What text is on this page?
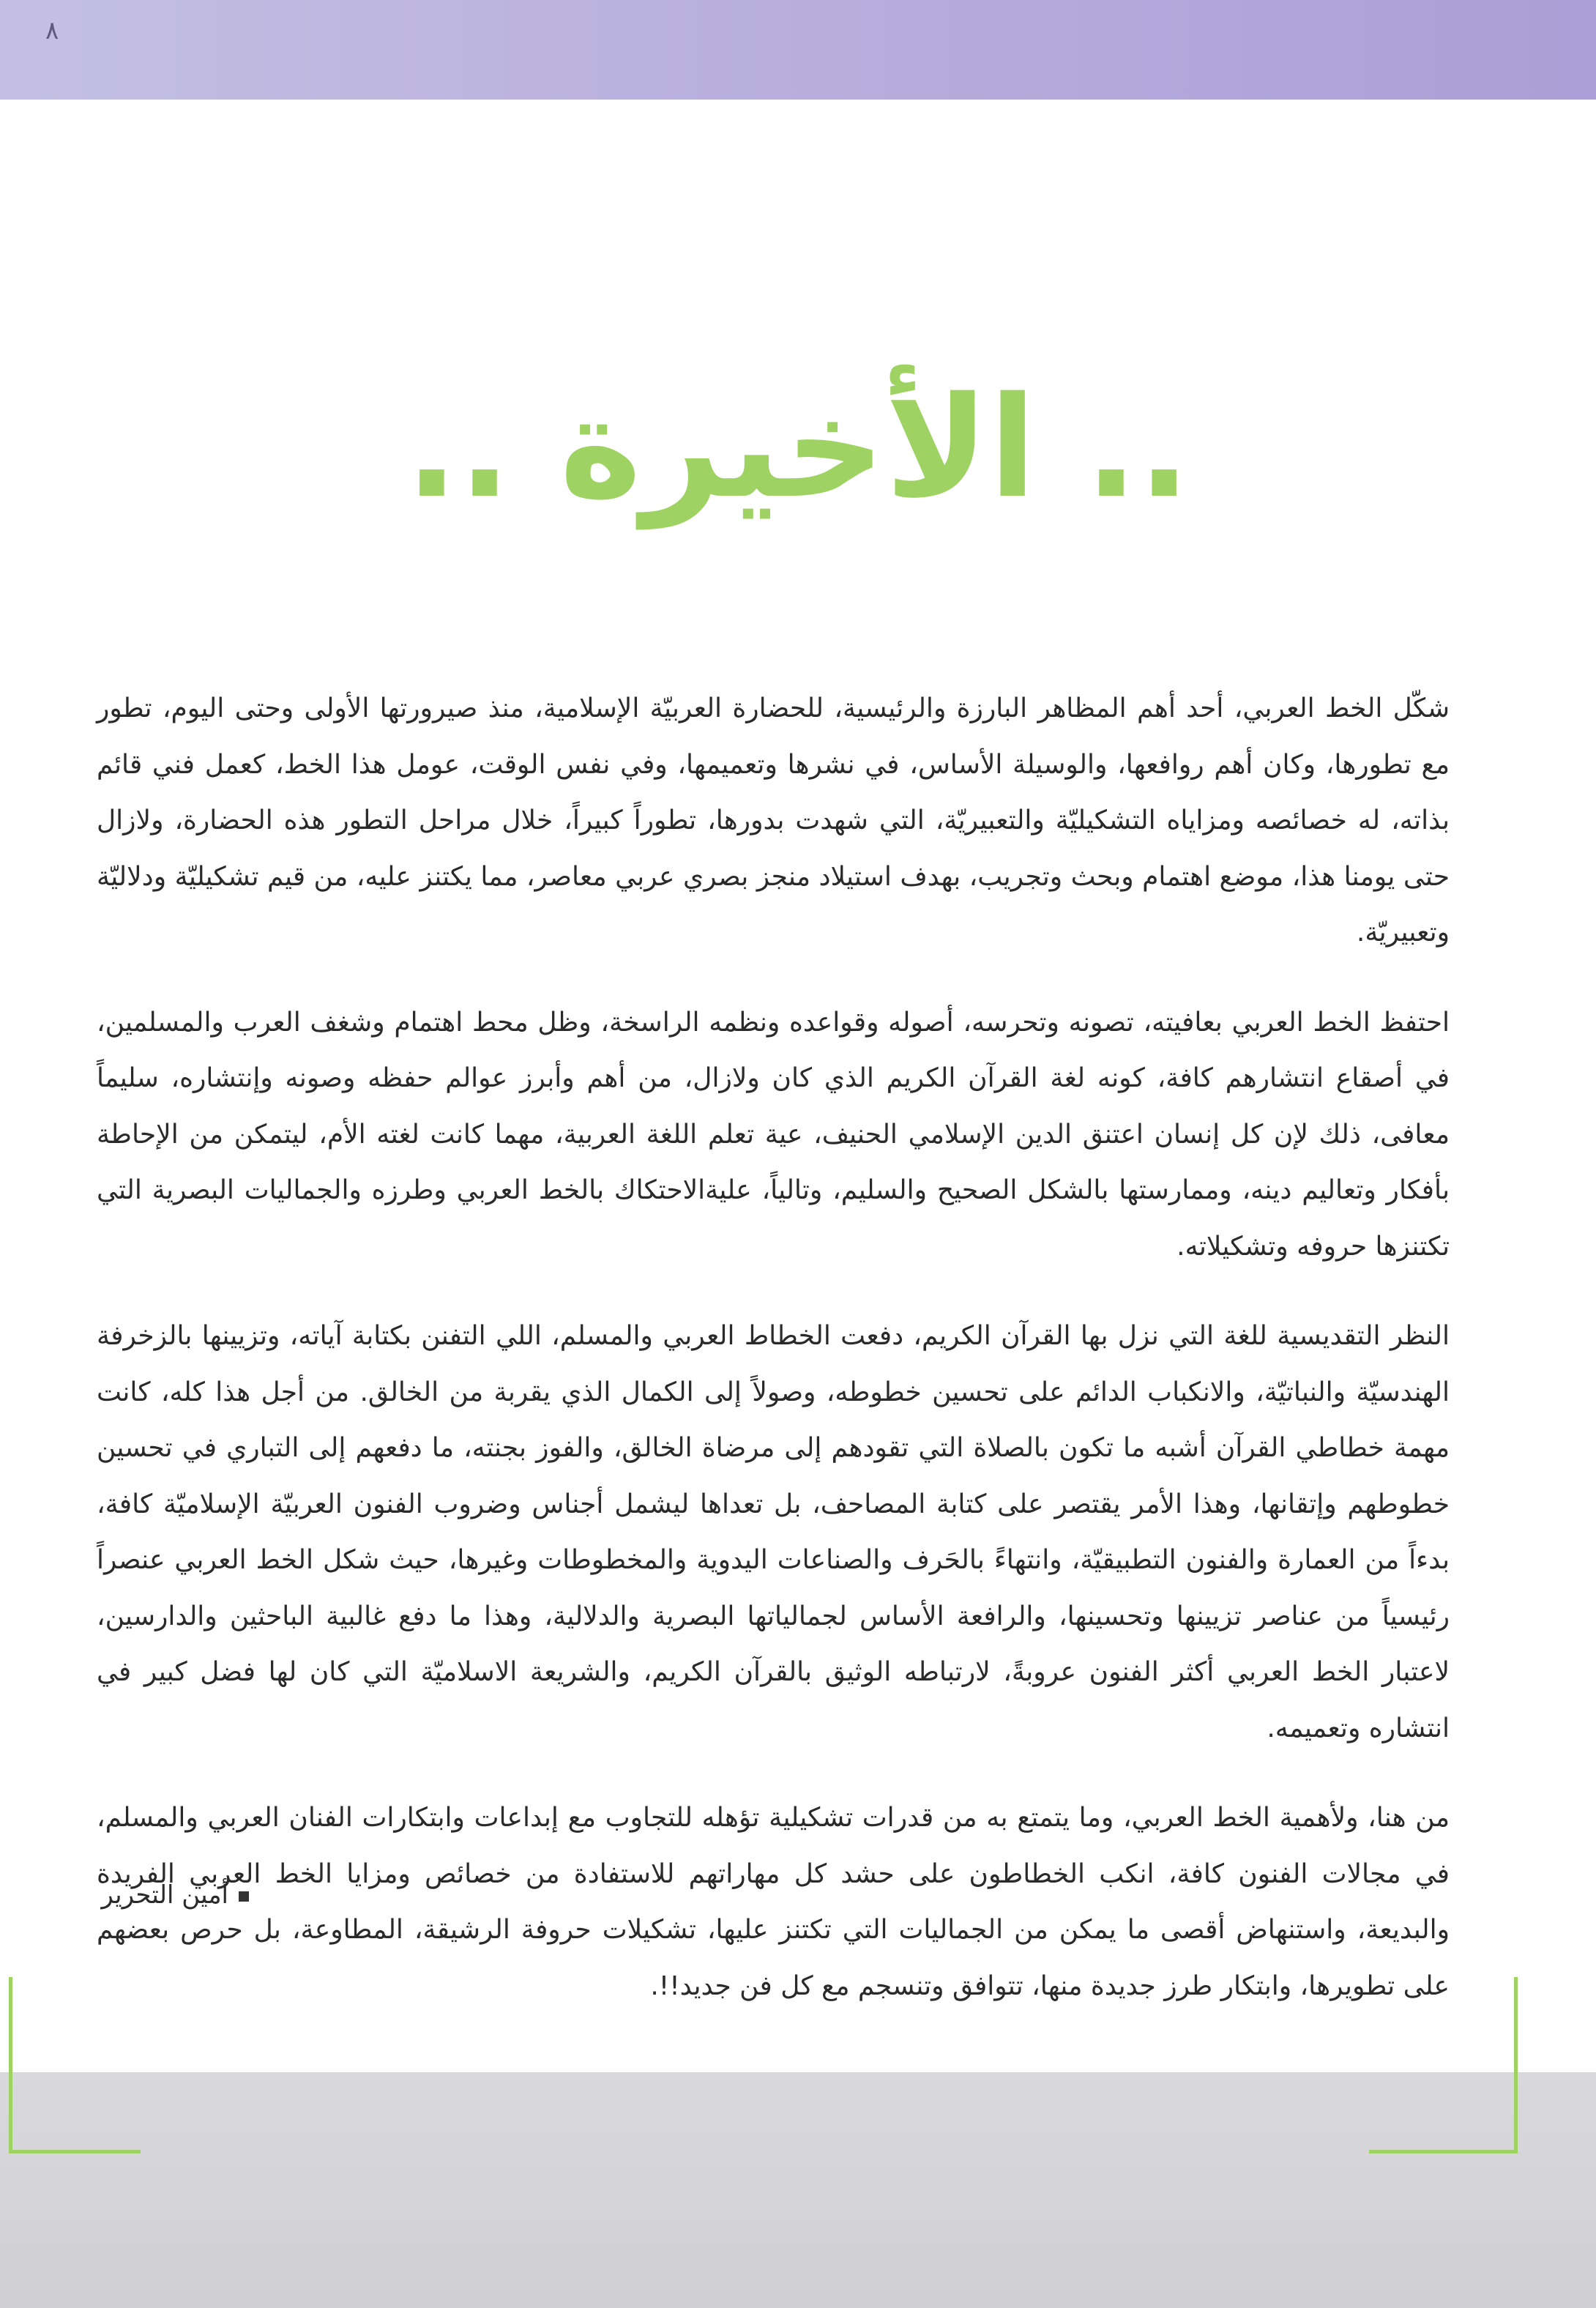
٨
.. الأخيرة ..

شكّل الخط العربي، أحد أهم المظاهر البارزة والرئيسية، للحضارة العربيّة الإسلامية، منذ صيرورتها الأولى وحتى اليوم، تطور مع تطورها، وكان أهم روافعها، والوسيلة الأساس، في نشرها وتعميمها، وفي نفس الوقت، عومل هذا الخط، كعمل فني قائم بذاته، له خصائصه ومزاياه التشكيليّة والتعبيريّة، التي شهدت بدورها، تطوراً كبيراً، خلال مراحل التطور هذه الحضارة، ولازال حتى يومنا هذا، موضع اهتمام وبحث وتجريب، بهدف استيلاد منجز بصري عربي معاصر، مما يكتنز عليه، من قيم تشكيليّة ودلاليّة وتعبيريّة.

احتفظ الخط العربي بعافيته، تصونه وتحرسه، أصوله وقواعده ونظمه الراسخة، وظل محط اهتمام وشغف العرب والمسلمين، في أصقاع انتشارهم كافة، كونه لغة القرآن الكريم الذي كان ولازال، من أهم وأبرز عوالم حفظه وصونه وإنتشاره، سليماً معافى، ذلك لإن كل إنسان اعتنق الدين الإسلامي الحنيف، عية تعلم اللغة العربية، مهما كانت لغته الأم، ليتمكن من الإحاطة بأفكار وتعاليم دينه، وممارستها بالشكل الصحيح والسليم، وتالياً، عليةالاحتكاك بالخط العربي وطرزه والجماليات البصرية التي تكتنزها حروفه وتشكيلاته.

النظر التقديسية للغة التي نزل بها القرآن الكريم، دفعت الخطاط العربي والمسلم، اللي التفنن بكتابة آياته، وتزيينها بالزخرفة الهندسيّة والنباتيّة، والانكباب الدائم على تحسين خطوطه، وصولاً إلى الكمال الذي يقربة من الخالق. من أجل هذا كله، كانت مهمة خطاطي القرآن أشبه ما تكون بالصلاة التي تقودهم إلى مرضاة الخالق، والفوز بجنته، ما دفعهم إلى التباري في تحسين خطوطهم وإتقانها، وهذا الأمر يقتصر على كتابة المصاحف، بل تعداها ليشمل أجناس وضروب الفنون العربيّة الإسلاميّة كافة، بدءاً من العمارة والفنون التطبيقيّة، وانتهاءً بالحَرف والصناعات اليدوية والمخطوطات وغيرها، حيث شكل الخط العربي عنصراً رئيسياً من عناصر تزيينها وتحسينها، والرافعة الأساس لجمالياتها البصرية والدلالية، وهذا ما دفع غالبية الباحثين والدارسين، لاعتبار الخط العربي أكثر الفنون عروبةً، لارتباطه الوثيق بالقرآن الكريم، والشريعة الاسلاميّة التي كان لها فضل كبير في انتشاره وتعميمه.

من هنا، ولأهمية الخط العربي، وما يتمتع به من قدرات تشكيلية تؤهله للتجاوب مع إبداعات وابتكارات الفنان العربي والمسلم، في مجالات الفنون كافة، انكب الخطاطون على حشد كل مهاراتهم للاستفادة من خصائص ومزايا الخط العربي الفريدة والبديعة، واستنهاض أقصى ما يمكن من الجماليات التي تكتنز عليها، تشكيلات حروفة الرشيقة، المطاوعة، بل حرص بعضهم على تطويرها، وابتكار طرز جديدة منها، تتوافق وتنسجم مع كل فن جديد!!.

أمين التحرير
